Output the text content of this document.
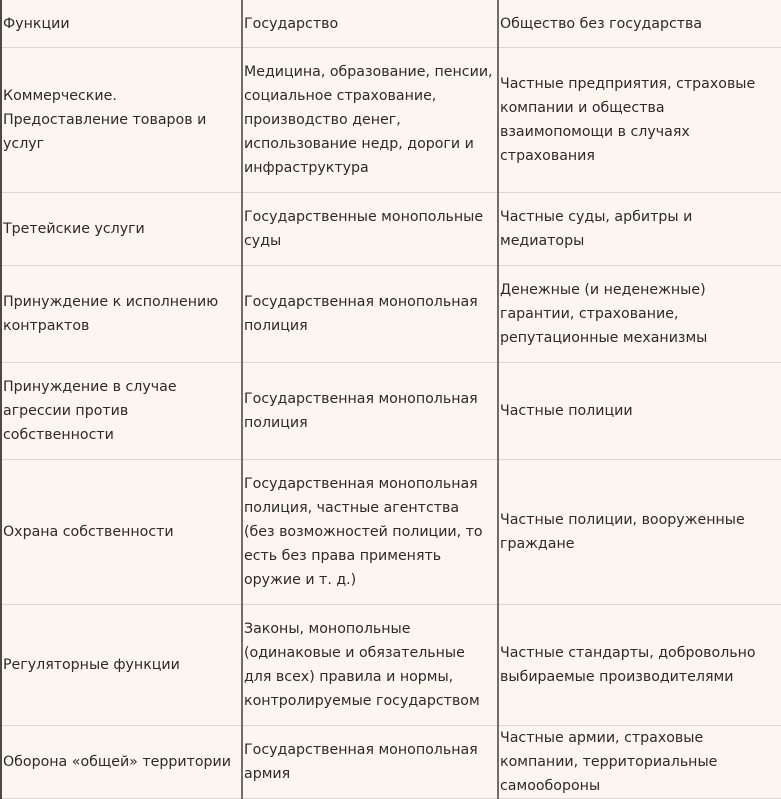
Функции	Государство	Общество без государства
Коммерческие. Предоставление товаров и услуг	Медицина, образование, пенсии, социальное страхование, производство денег, использование недр, дороги и инфраструктура	Частные предприятия, страховые компании и общества взаимопомощи в случаях страхования
Третейские услуги	Государственные монопольные суды	Частные суды, арбитры и медиаторы
Принуждение к исполнению контрактов	Государственная монопольная полиция	Денежные (и неденежные) гарантии, страхование, репутационные механизмы
Принуждение в случае агрессии против собственности	Государственная монопольная полиция	Частные полиции
Охрана собственности	Государственная монопольная полиция, частные агентства (без возможностей полиции, то есть без права применять оружие и т. д.)	Частные полиции, вооруженные граждане
Регуляторные функции	Законы, монопольные (одинаковые и обязательные для всех) правила и нормы, контролируемые государством	Частные стандарты, добровольно выбираемые производителями
Оборона «общей» территории	Государственная монопольная армия	Частные армии, страховые компании, территориальные самообороны
